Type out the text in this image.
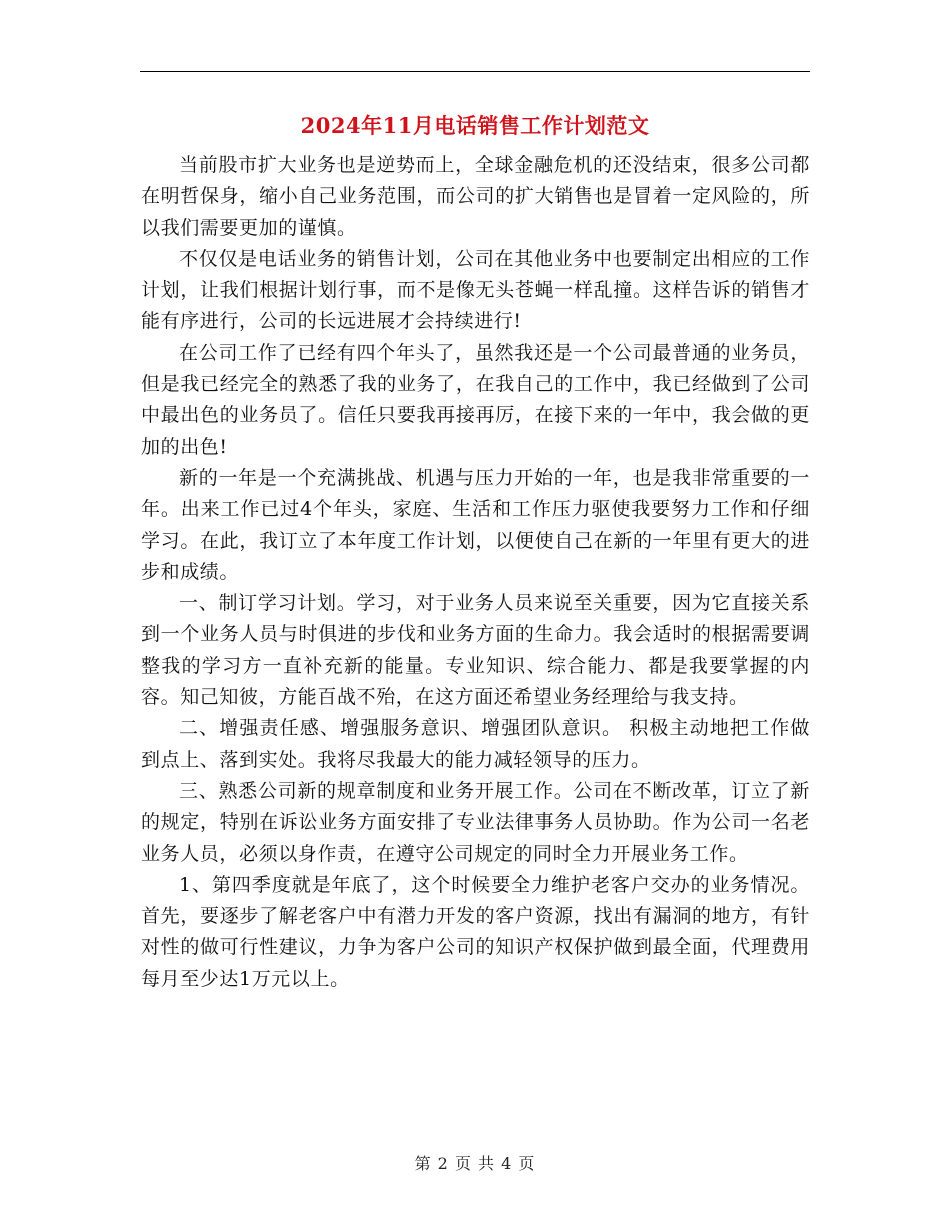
2024年11月电话销售工作计划范文

当前股市扩大业务也是逆势而上，全球金融危机的还没结束，很多公司都在明哲保身，缩小自己业务范围，而公司的扩大销售也是冒着一定风险的，所以我们需要更加的谨慎。

不仅仅是电话业务的销售计划，公司在其他业务中也要制定出相应的工作计划，让我们根据计划行事，而不是像无头苍蝇一样乱撞。这样告诉的销售才能有序进行，公司的长远进展才会持续进行!

在公司工作了已经有四个年头了，虽然我还是一个公司最普通的业务员，但是我已经完全的熟悉了我的业务了，在我自己的工作中，我已经做到了公司中最出色的业务员了。信任只要我再接再厉，在接下来的一年中，我会做的更加的出色!

新的一年是一个充满挑战、机遇与压力开始的一年，也是我非常重要的一年。出来工作已过4个年头，家庭、生活和工作压力驱使我要努力工作和仔细学习。在此，我订立了本年度工作计划，以便使自己在新的一年里有更大的进步和成绩。

一、制订学习计划。学习，对于业务人员来说至关重要，因为它直接关系到一个业务人员与时俱进的步伐和业务方面的生命力。我会适时的根据需要调整我的学习方一直补充新的能量。专业知识、综合能力、都是我要掌握的内容。知己知彼，方能百战不殆，在这方面还希望业务经理给与我支持。

二、增强责任感、增强服务意识、增强团队意识。 积极主动地把工作做到点上、落到实处。我将尽我最大的能力减轻领导的压力。

三、熟悉公司新的规章制度和业务开展工作。公司在不断改革，订立了新的规定，特别在诉讼业务方面安排了专业法律事务人员协助。作为公司一名老业务人员，必须以身作责，在遵守公司规定的同时全力开展业务工作。

1、第四季度就是年底了，这个时候要全力维护老客户交办的业务情况。首先，要逐步了解老客户中有潜力开发的客户资源，找出有漏洞的地方，有针对性的做可行性建议，力争为客户公司的知识产权保护做到最全面，代理费用每月至少达1万元以上。

第 2 页 共 4 页
